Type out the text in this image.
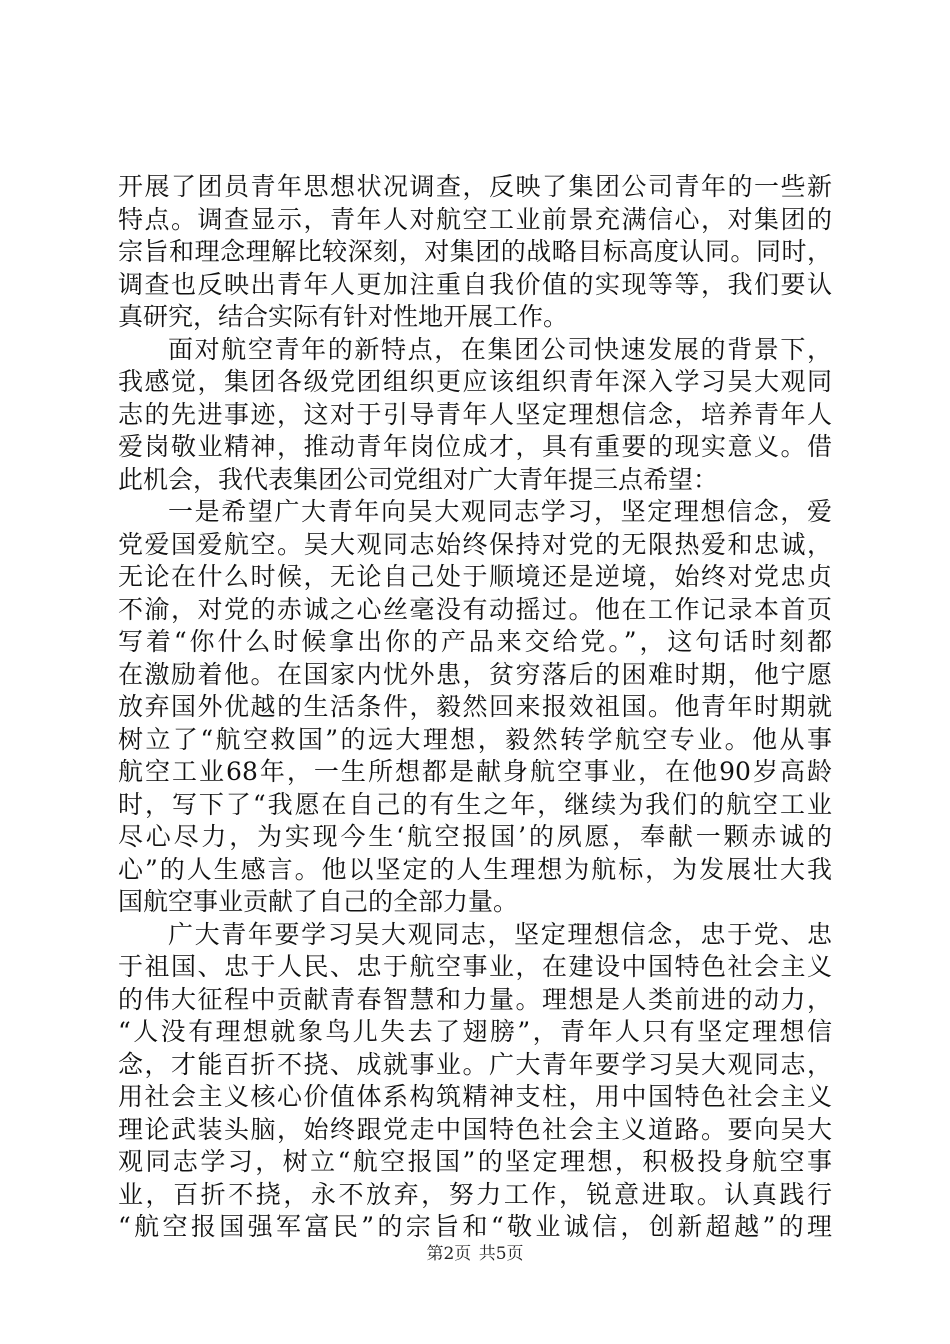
开展了团员青年思想状况调查，反映了集团公司青年的一些新
特点。调查显示，青年人对航空工业前景充满信心，对集团的
宗旨和理念理解比较深刻，对集团的战略目标高度认同。同时，
调查也反映出青年人更加注重自我价值的实现等等，我们要认
真研究，结合实际有针对性地开展工作。
面对航空青年的新特点，在集团公司快速发展的背景下，
我感觉，集团各级党团组织更应该组织青年深入学习吴大观同
志的先进事迹，这对于引导青年人坚定理想信念，培养青年人
爱岗敬业精神，推动青年岗位成才，具有重要的现实意义。借
此机会，我代表集团公司党组对广大青年提三点希望：
一是希望广大青年向吴大观同志学习，坚定理想信念，爱
党爱国爱航空。吴大观同志始终保持对党的无限热爱和忠诚，
无论在什么时候，无论自己处于顺境还是逆境，始终对党忠贞
不渝，对党的赤诚之心丝毫没有动摇过。他在工作记录本首页
写着“你什么时候拿出你的产品来交给党。”，这句话时刻都
在激励着他。在国家内忧外患，贫穷落后的困难时期，他宁愿
放弃国外优越的生活条件，毅然回来报效祖国。他青年时期就
树立了“航空救国”的远大理想，毅然转学航空专业。他从事
航空工业68年，一生所想都是献身航空事业，在他90岁高龄
时，写下了“我愿在自己的有生之年，继续为我们的航空工业
尽心尽力，为实现今生‘航空报国’的夙愿，奉献一颗赤诚的
心”的人生感言。他以坚定的人生理想为航标，为发展壮大我
国航空事业贡献了自己的全部力量。
广大青年要学习吴大观同志，坚定理想信念，忠于党、忠
于祖国、忠于人民、忠于航空事业，在建设中国特色社会主义
的伟大征程中贡献青春智慧和力量。理想是人类前进的动力，
“人没有理想就象鸟儿失去了翅膀”，青年人只有坚定理想信
念，才能百折不挠、成就事业。广大青年要学习吴大观同志，
用社会主义核心价值体系构筑精神支柱，用中国特色社会主义
理论武装头脑，始终跟党走中国特色社会主义道路。要向吴大
观同志学习，树立“航空报国”的坚定理想，积极投身航空事
业，百折不挠，永不放弃，努力工作，锐意进取。认真践行
“航空报国强军富民”的宗旨和“敬业诚信，创新超越”的理
第2页 共5页
